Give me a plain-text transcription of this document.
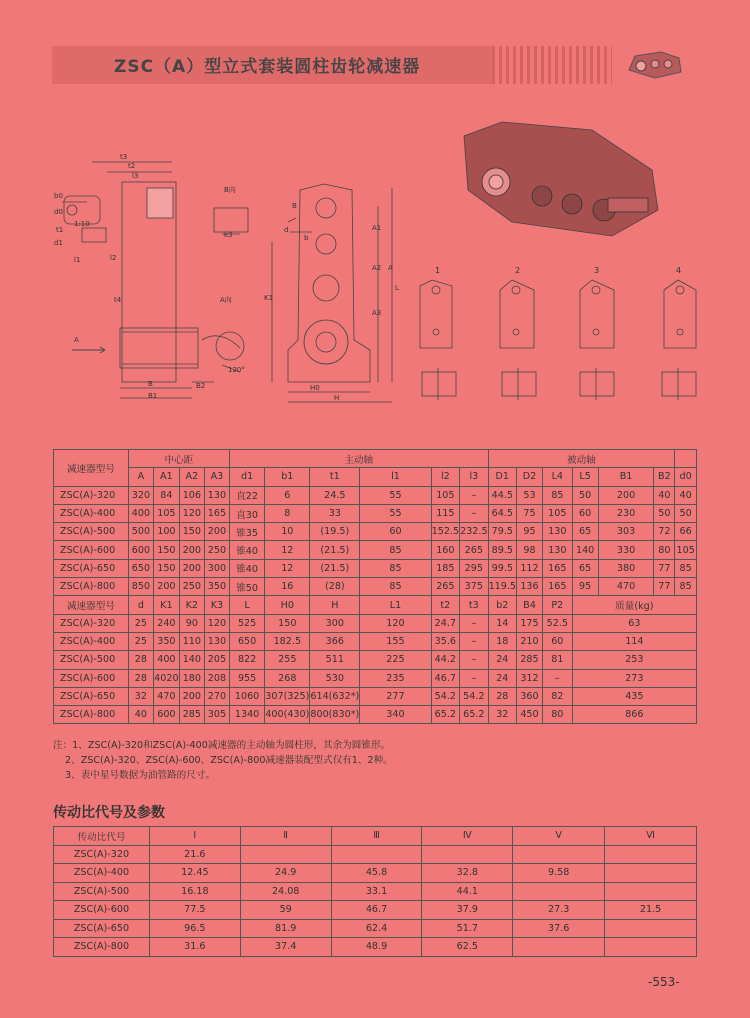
ZSC（A）型立式套装圆柱齿轮减速器
t3
l3
t2
b0
d0
1:10
t1
d1
l1	l2
t4
B向
k3
A向
A
B
B1
B2
120°
B
d
b
A1
A2 A
A3
K1
L
H0
H
1	2	3	4
减速器型号	中心距				主动轴						被动轴						
	A	A1	A2	A3	d1	b1	t1	l1	l2	l3	D1	D2	L4	L5	B1	B2	d0
ZSC(A)-320	320	84	106	130	直22	6	24.5	55	105	–	44.5	53	85	50	200	40	40
ZSC(A)-400	400	105	120	165	直30	8	33	55	115	–	64.5	75	105	60	230	50	50
ZSC(A)-500	500	100	150	200	锥35	10	(19.5)	60	152.5	232.5	79.5	95	130	65	303	72	66
ZSC(A)-600	600	150	200	250	锥40	12	(21.5)	85	160	265	89.5	98	130	140	330	80	105
ZSC(A)-650	650	150	200	300	锥40	12	(21.5)	85	185	295	99.5	112	165	65	380	77	85
ZSC(A)-800	850	200	250	350	锥50	16	(28)	85	265	375	119.5	136	165	95	470	77	85
减速器型号	d	K1	K2	K3	L	H0	H	L1	t2	t3	b2	B4	P2	质量(kg)			
ZSC(A)-320	25	240	90	120	525	150	300	120	24.7	–	14	175	52.5	63			
ZSC(A)-400	25	350	110	130	650	182.5	366	155	35.6	–	18	210	60	114			
ZSC(A)-500	28	400	140	205	822	255	511	225	44.2	–	24	285	81	253			
ZSC(A)-600	28	4020	180	208	955	268	530	235	46.7	–	24	312	–	273			
ZSC(A)-650	32	470	200	270	1060	307(325)	614(632*)	277	54.2	54.2	28	360	82	435			
ZSC(A)-800	40	600	285	305	1340	400(430)	800(830*)	340	65.2	65.2	32	450	80	866			
注：1、ZSC(A)-320和ZSC(A)-400减速器的主动轴为圆柱形，其余为圆锥形。
2、ZSC(A)-320、ZSC(A)-600、ZSC(A)-800减速器装配型式仅有1、2种。
3、表中星号数据为油管路的尺寸。
传动比代号及参数
传动比代号	Ⅰ	Ⅱ	Ⅲ	Ⅳ	Ⅴ	Ⅵ
ZSC(A)-320	21.6					
ZSC(A)-400	12.45	24.9	45.8	32.8	9.58	
ZSC(A)-500	16.18	24.08	33.1	44.1		
ZSC(A)-600	77.5	59	46.7	37.9	27.3	21.5
ZSC(A)-650	96.5	81.9	62.4	51.7	37.6	
ZSC(A)-800	31.6	37.4	48.9	62.5		
-553-
